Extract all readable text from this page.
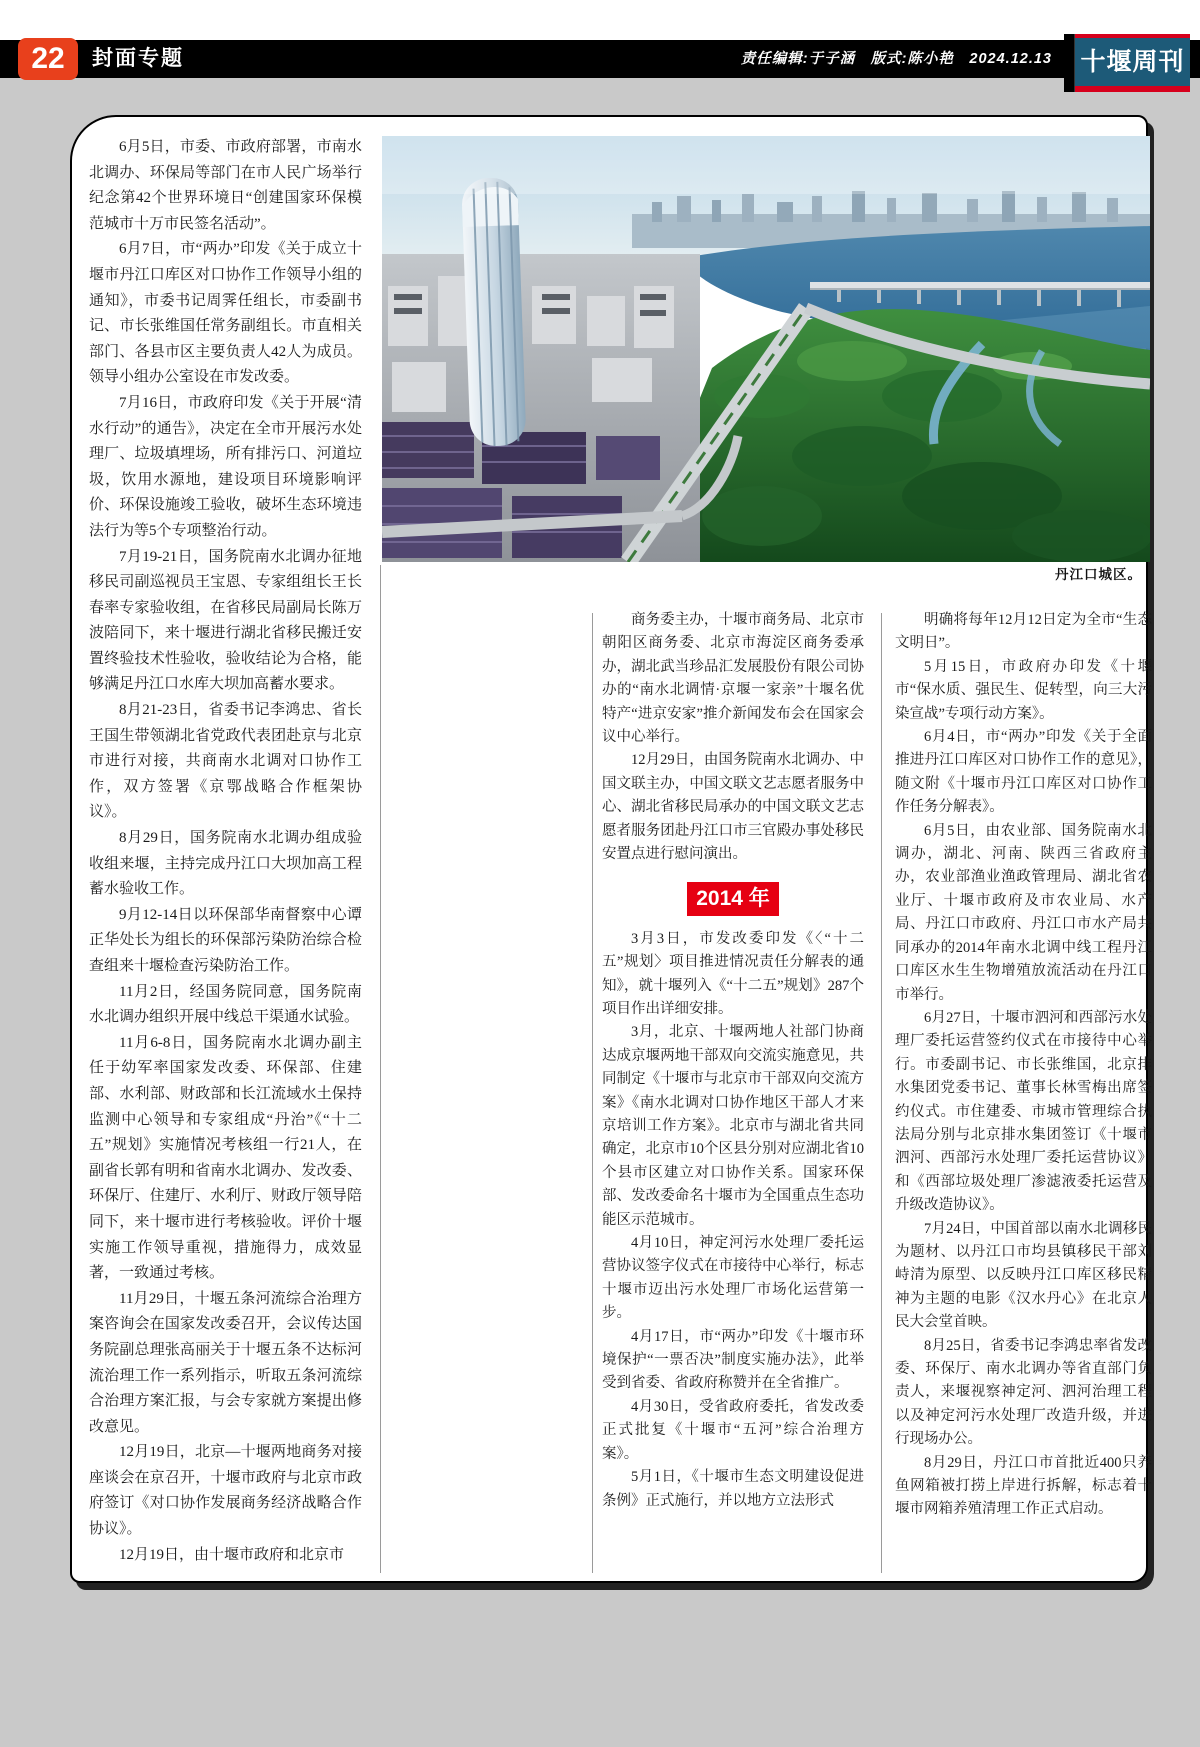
22 封面专题	责任编辑:于子涵　版式:陈小艳　2024.12.13 十堰周刊

6月5日，市委、市政府部署，市南水北调办、环保局等部门在市人民广场举行纪念第42个世界环境日“创建国家环保模范城市十万市民签名活动”。

6月7日，市“两办”印发《关于成立十堰市丹江口库区对口协作工作领导小组的通知》，市委书记周霁任组长，市委副书记、市长张维国任常务副组长。市直相关部门、各县市区主要负责人42人为成员。领导小组办公室设在市发改委。

7月16日，市政府印发《关于开展“清水行动”的通告》，决定在全市开展污水处理厂、垃圾填埋场，所有排污口、河道垃圾，饮用水源地，建设项目环境影响评价、环保设施竣工验收，破坏生态环境违法行为等5个专项整治行动。

7月19-21日，国务院南水北调办征地移民司副巡视员王宝恩、专家组组长王长春率专家验收组，在省移民局副局长陈万波陪同下，来十堰进行湖北省移民搬迁安置终验技术性验收，验收结论为合格，能够满足丹江口水库大坝加高蓄水要求。

8月21-23日，省委书记李鸿忠、省长王国生带领湖北省党政代表团赴京与北京市进行对接，共商南水北调对口协作工作，双方签署《京鄂战略合作框架协议》。

8月29日，国务院南水北调办组成验收组来堰，主持完成丹江口大坝加高工程蓄水验收工作。

9月12-14日以环保部华南督察中心谭正华处长为组长的环保部污染防治综合检查组来十堰检查污染防治工作。

11月2日，经国务院同意，国务院南水北调办组织开展中线总干渠通水试验。

11月6-8日，国务院南水北调办副主任于幼军率国家发改委、环保部、住建部、水利部、财政部和长江流域水土保持监测中心领导和专家组成“丹治”《“十二五”规划》实施情况考核组一行21人，在副省长郭有明和省南水北调办、发改委、环保厅、住建厅、水利厅、财政厅领导陪同下，来十堰市进行考核验收。评价十堰实施工作领导重视，措施得力，成效显著，一致通过考核。

11月29日，十堰五条河流综合治理方案咨询会在国家发改委召开，会议传达国务院副总理张高丽关于十堰五条不达标河流治理工作一系列指示，听取五条河流综合治理方案汇报，与会专家就方案提出修改意见。

12月19日，北京—十堰两地商务对接座谈会在京召开，十堰市政府与北京市政府签订《对口协作发展商务经济战略合作协议》。

12月19日，由十堰市政府和北京市

丹江口城区。

商务委主办，十堰市商务局、北京市朝阳区商务委、北京市海淀区商务委承办，湖北武当珍品汇发展股份有限公司协办的“南水北调情·京堰一家亲”十堰名优特产“进京安家”推介新闻发布会在国家会议中心举行。

12月29日，由国务院南水北调办、中国文联主办，中国文联文艺志愿者服务中心、湖北省移民局承办的中国文联文艺志愿者服务团赴丹江口市三官殿办事处移民安置点进行慰问演出。

2014 年

3月3日，市发改委印发《〈“十二五”规划〉项目推进情况责任分解表的通知》，就十堰列入《“十二五”规划》287个项目作出详细安排。

3月，北京、十堰两地人社部门协商达成京堰两地干部双向交流实施意见，共同制定《十堰市与北京市干部双向交流方案》《南水北调对口协作地区干部人才来京培训工作方案》。北京市与湖北省共同确定，北京市10个区县分别对应湖北省10个县市区建立对口协作关系。国家环保部、发改委命名十堰市为全国重点生态功能区示范城市。

4月10日，神定河污水处理厂委托运营协议签字仪式在市接待中心举行，标志十堰市迈出污水处理厂市场化运营第一步。

4月17日，市“两办”印发《十堰市环境保护“一票否决”制度实施办法》，此举受到省委、省政府称赞并在全省推广。

4月30日，受省政府委托，省发改委正式批复《十堰市“五河”综合治理方案》。

5月1日，《十堰市生态文明建设促进条例》正式施行，并以地方立法形式

明确将每年12月12日定为全市“生态文明日”。

5月15日，市政府办印发《十堰市“保水质、强民生、促转型，向三大污染宣战”专项行动方案》。

6月4日，市“两办”印发《关于全面推进丹江口库区对口协作工作的意见》，随文附《十堰市丹江口库区对口协作工作任务分解表》。

6月5日，由农业部、国务院南水北调办，湖北、河南、陕西三省政府主办，农业部渔业渔政管理局、湖北省农业厅、十堰市政府及市农业局、水产局、丹江口市政府、丹江口市水产局共同承办的2014年南水北调中线工程丹江口库区水生生物增殖放流活动在丹江口市举行。

6月27日，十堰市泗河和西部污水处理厂委托运营签约仪式在市接待中心举行。市委副书记、市长张维国，北京排水集团党委书记、董事长林雪梅出席签约仪式。市住建委、市城市管理综合执法局分别与北京排水集团签订《十堰市泗河、西部污水处理厂委托运营协议》和《西部垃圾处理厂渗滤液委托运营及升级改造协议》。

7月24日，中国首部以南水北调移民为题材、以丹江口市均县镇移民干部刘峙清为原型、以反映丹江口库区移民精神为主题的电影《汉水丹心》在北京人民大会堂首映。

8月25日，省委书记李鸿忠率省发改委、环保厅、南水北调办等省直部门负责人，来堰视察神定河、泗河治理工程以及神定河污水处理厂改造升级，并进行现场办公。

8月29日，丹江口市首批近400只养鱼网箱被打捞上岸进行拆解，标志着十堰市网箱养殖清理工作正式启动。
